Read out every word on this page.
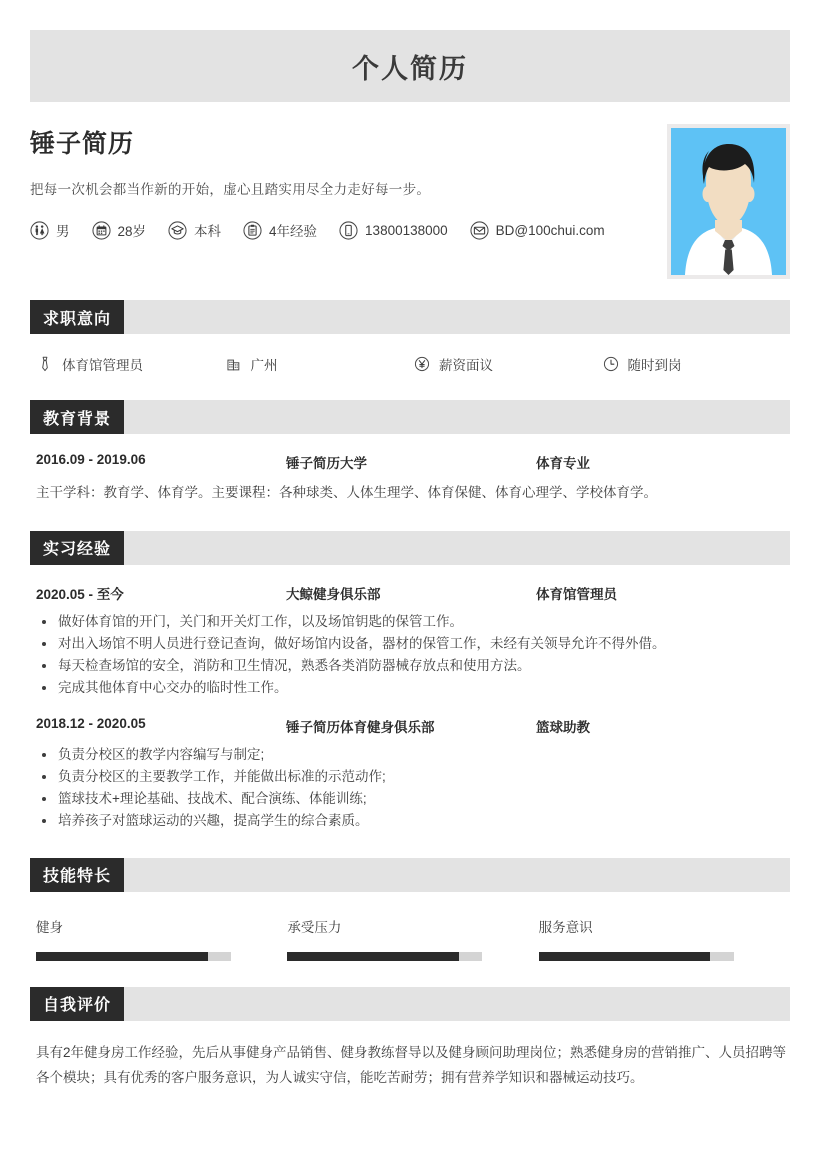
个人简历
锤子简历
把每一次机会都当作新的开始，虚心且踏实用尽全力走好每一步。
男	28岁	本科	4年经验	13800138000	BD@100chui.com
求职意向
体育馆管理员	广州	薪资面议	随时到岗
教育背景
2016.09 - 2019.06	锤子简历大学	体育专业
主干学科：教育学、体育学。主要课程：各种球类、人体生理学、体育保健、体育心理学、学校体育学。
实习经验
2020.05 - 至今	大鲸健身俱乐部	体育馆管理员
做好体育馆的开门，关门和开关灯工作，以及场馆钥匙的保管工作。
对出入场馆不明人员进行登记查询，做好场馆内设备，器材的保管工作，未经有关领导允许不得外借。
每天检查场馆的安全，消防和卫生情况，熟悉各类消防器械存放点和使用方法。
完成其他体育中心交办的临时性工作。
2018.12 - 2020.05	锤子简历体育健身俱乐部	篮球助教
负责分校区的教学内容编写与制定;
负责分校区的主要教学工作，并能做出标准的示范动作;
篮球技术+理论基础、技战术、配合演练、体能训练;
培养孩子对篮球运动的兴趣，提高学生的综合素质。
技能特长
健身	承受压力	服务意识
自我评价
具有2年健身房工作经验，先后从事健身产品销售、健身教练督导以及健身顾问助理岗位；熟悉健身房的营销推广、人员招聘等各个模块；具有优秀的客户服务意识，为人诚实守信，能吃苦耐劳；拥有营养学知识和器械运动技巧。
